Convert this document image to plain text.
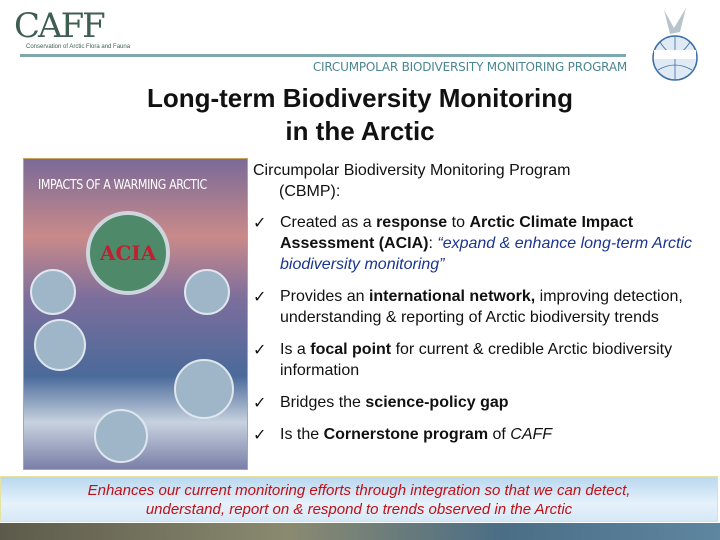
CAFF
Conservation of Arctic Flora and Fauna
CIRCUMPOLAR BIODIVERSITY MONITORING PROGRAM
Long-term Biodiversity Monitoring
in the Arctic
IMPACTS OF A WARMING ARCTIC
ACIA
Circumpolar Biodiversity Monitoring Program
(CBMP):
✓ Created as a response to Arctic Climate Impact Assessment (ACIA): “expand & enhance long-term Arctic biodiversity monitoring”
✓ Provides an international network, improving detection, understanding & reporting of Arctic biodiversity trends
✓ Is a focal point for current & credible Arctic biodiversity information
✓ Bridges the science-policy gap
✓ Is the Cornerstone program of CAFF
Enhances our current monitoring efforts through integration so that we can detect,
understand, report on & respond to trends observed in the Arctic
